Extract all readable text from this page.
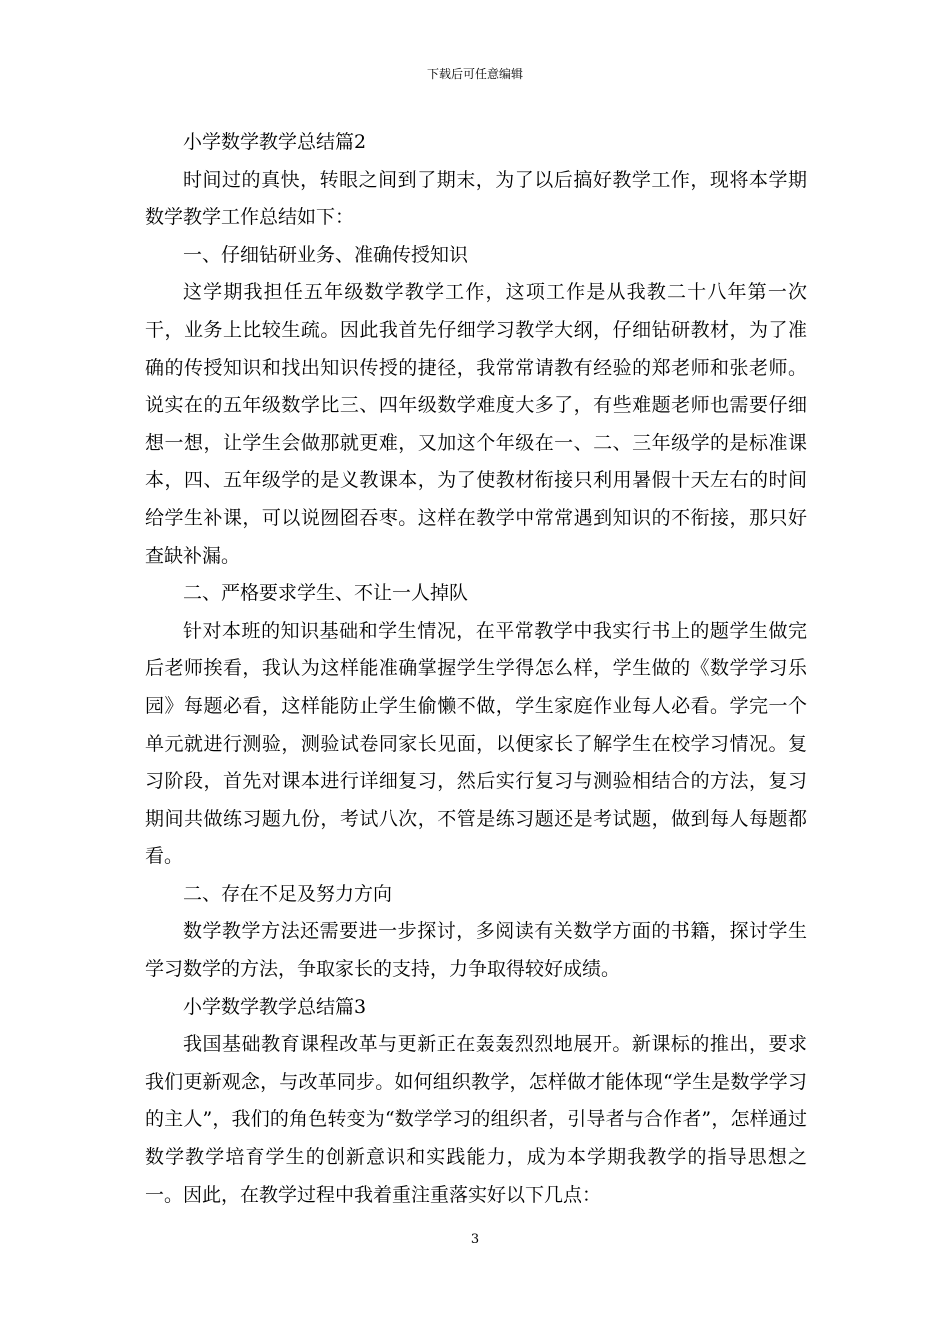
下载后可任意编辑

小学数学教学总结篇2

时间过的真快，转眼之间到了期末，为了以后搞好教学工作，现将本学期数学教学工作总结如下：

一、仔细钻研业务、准确传授知识

这学期我担任五年级数学教学工作，这项工作是从我教二十八年第一次干，业务上比较生疏。因此我首先仔细学习教学大纲，仔细钻研教材，为了准确的传授知识和找出知识传授的捷径，我常常请教有经验的郑老师和张老师。说实在的五年级数学比三、四年级数学难度大多了，有些难题老师也需要仔细想一想，让学生会做那就更难，又加这个年级在一、二、三年级学的是标准课本，四、五年级学的是义教课本，为了使教材衔接只利用暑假十天左右的时间给学生补课，可以说囫囵吞枣。这样在教学中常常遇到知识的不衔接，那只好查缺补漏。

二、严格要求学生、不让一人掉队

针对本班的知识基础和学生情况，在平常教学中我实行书上的题学生做完后老师挨看，我认为这样能准确掌握学生学得怎么样，学生做的《数学学习乐园》每题必看，这样能防止学生偷懒不做，学生家庭作业每人必看。学完一个单元就进行测验，测验试卷同家长见面，以便家长了解学生在校学习情况。复习阶段，首先对课本进行详细复习，然后实行复习与测验相结合的方法，复习期间共做练习题九份，考试八次，不管是练习题还是考试题，做到每人每题都看。

二、存在不足及努力方向

数学教学方法还需要进一步探讨，多阅读有关数学方面的书籍，探讨学生学习数学的方法，争取家长的支持，力争取得较好成绩。

小学数学教学总结篇3

我国基础教育课程改革与更新正在轰轰烈烈地展开。新课标的推出，要求我们更新观念，与改革同步。如何组织教学，怎样做才能体现“学生是数学学习的主人”，我们的角色转变为“数学学习的组织者，引导者与合作者”，怎样通过数学教学培育学生的创新意识和实践能力，成为本学期我教学的指导思想之一。因此，在教学过程中我着重注重落实好以下几点：

3
